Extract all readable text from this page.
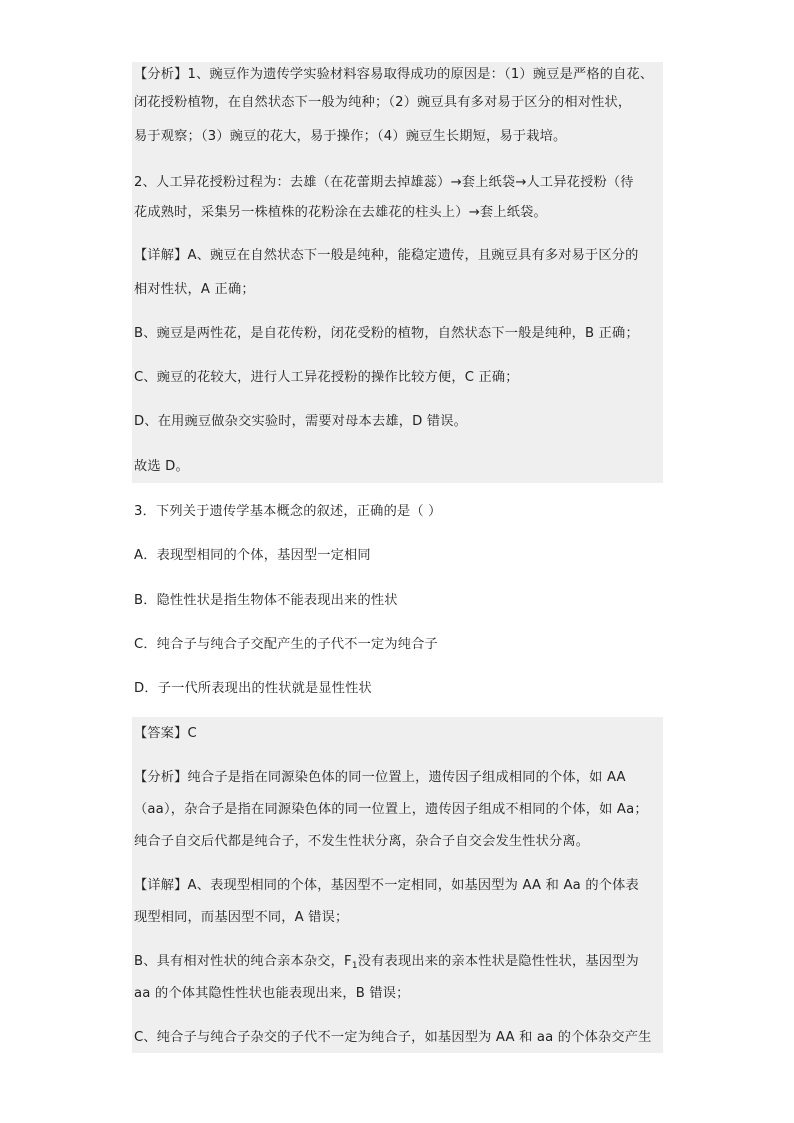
【分析】1、豌豆作为遗传学实验材料容易取得成功的原因是：（1）豌豆是严格的自花、
闭花授粉植物，在自然状态下一般为纯种；（2）豌豆具有多对易于区分的相对性状，
易于观察；（3）豌豆的花大，易于操作；（4）豌豆生长期短，易于栽培。
2、人工异花授粉过程为：去雄（在花蕾期去掉雄蕊）→套上纸袋→人工异花授粉（待
花成熟时，采集另一株植株的花粉涂在去雄花的柱头上）→套上纸袋。
【详解】A、豌豆在自然状态下一般是纯种，能稳定遗传，且豌豆具有多对易于区分的
相对性状，A 正确；
B、豌豆是两性花，是自花传粉，闭花受粉的植物，自然状态下一般是纯种，B 正确；
C、豌豆的花较大，进行人工异花授粉的操作比较方便，C 正确；
D、在用豌豆做杂交实验时，需要对母本去雄，D 错误。
故选 D。
3．下列关于遗传学基本概念的叙述，正确的是（ ）
A．表现型相同的个体，基因型一定相同
B．隐性性状是指生物体不能表现出来的性状
C．纯合子与纯合子交配产生的子代不一定为纯合子
D．子一代所表现出的性状就是显性性状
【答案】C
【分析】纯合子是指在同源染色体的同一位置上，遗传因子组成相同的个体，如 AA
（aa），杂合子是指在同源染色体的同一位置上，遗传因子组成不相同的个体，如 Aa；
纯合子自交后代都是纯合子，不发生性状分离，杂合子自交会发生性状分离。
【详解】A、表现型相同的个体，基因型不一定相同，如基因型为 AA 和 Aa 的个体表
现型相同，而基因型不同，A 错误；
B、具有相对性状的纯合亲本杂交，$F_1$没有表现出来的亲本性状是隐性性状，基因型为
aa 的个体其隐性性状也能表现出来，B 错误；
C、纯合子与纯合子杂交的子代不一定为纯合子，如基因型为 AA 和 aa 的个体杂交产生
